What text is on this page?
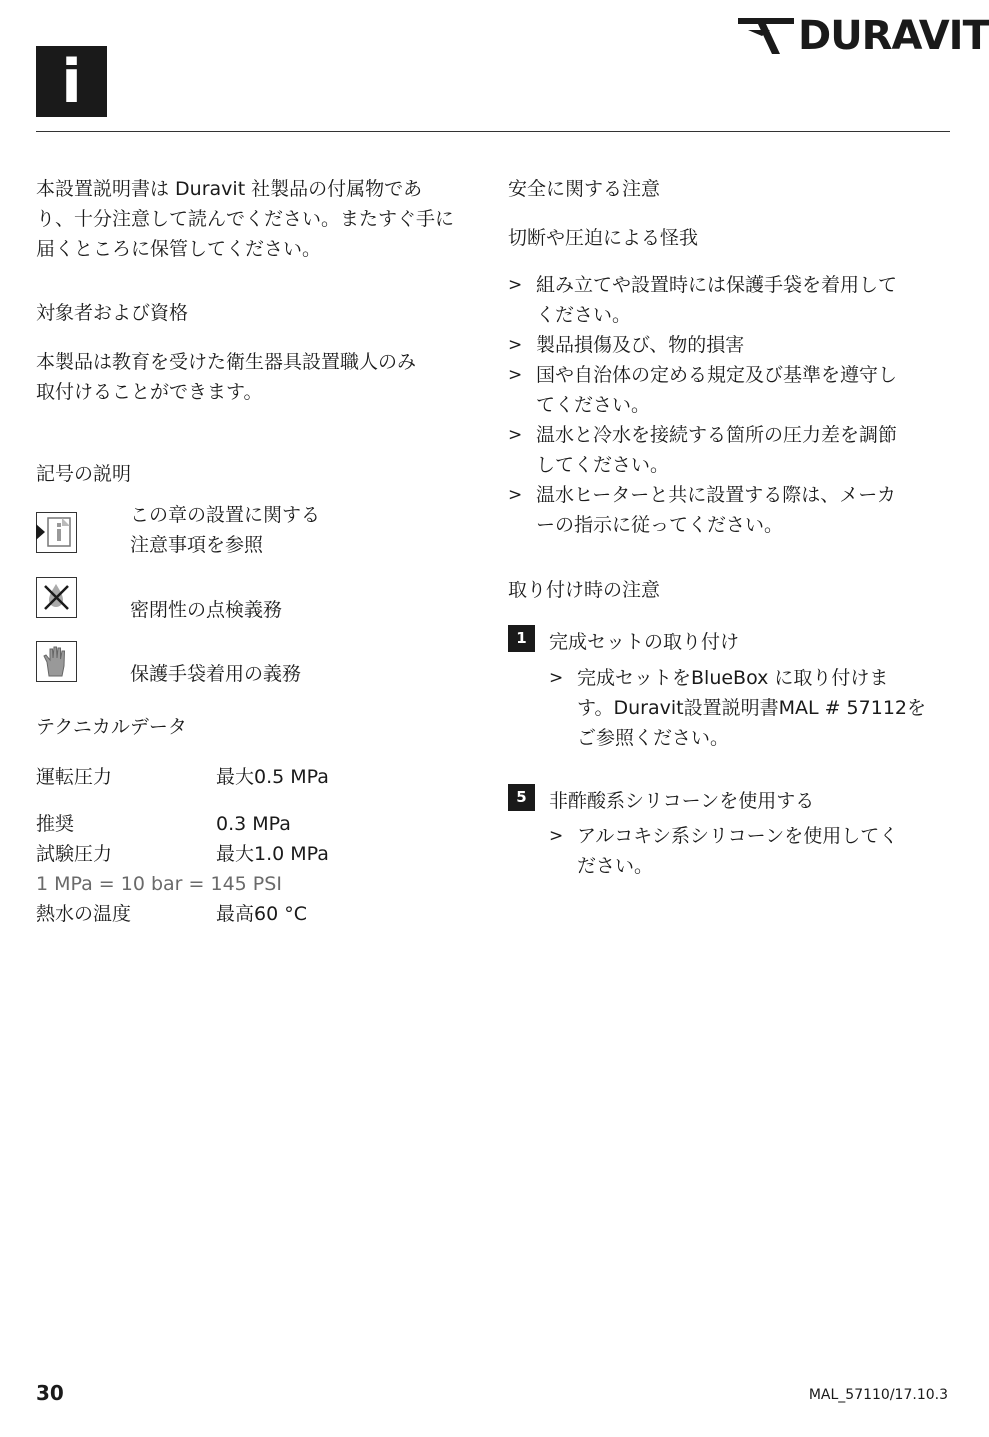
i
DURAVIT
本設置説明書は Duravit 社製品の付属物であ
り、十分注意して読んでください。またすぐ手に
届くところに保管してください。
対象者および資格
本製品は教育を受けた衛生器具設置職人のみ
取付けることができます。
記号の説明
この章の設置に関する
注意事項を参照
密閉性の点検義務
保護手袋着用の義務
テクニカルデータ
運転圧力	最大0.5 MPa
推奨	0.3 MPa
試験圧力	最大1.0 MPa
1 MPa = 10 bar = 145 PSI
熱水の温度	最高60 °C
安全に関する注意
切断や圧迫による怪我
> 組み立てや設置時には保護手袋を着用して
ください。
> 製品損傷及び、物的損害
> 国や自治体の定める規定及び基準を遵守し
てください。
> 温水と冷水を接続する箇所の圧力差を調節
してください。
> 温水ヒーターと共に設置する際は、メーカ
ーの指示に従ってください。
取り付け時の注意
1	完成セットの取り付け
> 完成セットをBlueBox に取り付けま
す。Duravit設置説明書MAL # 57112を
ご参照ください。
5	非酢酸系シリコーンを使用する
> アルコキシ系シリコーンを使用してく
ださい。
30	MAL_57110/17.10.3
